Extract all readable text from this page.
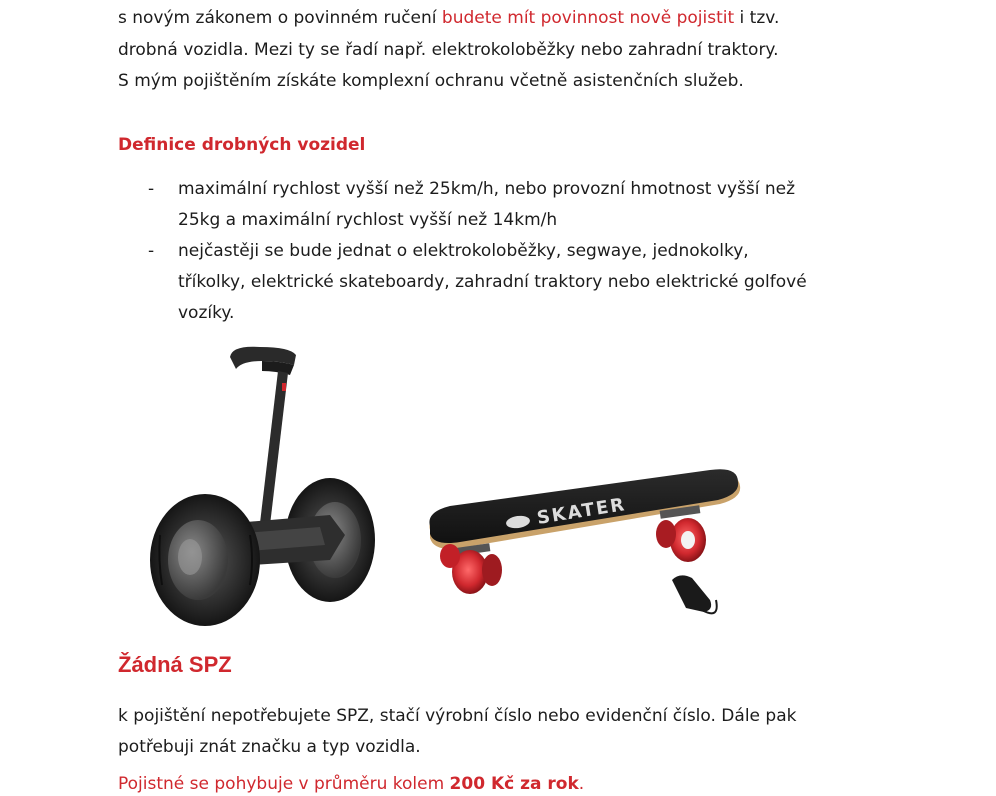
s novým zákonem o povinném ručení budete mít povinnost nově pojistit i tzv.

drobná vozidla. Mezi ty se řadí např. elektrokoloběžky nebo zahradní traktory.

S mým pojištěním získáte komplexní ochranu včetně asistenčních služeb.

Definice drobných vozidel
- maximální rychlost vyšší než 25km/h, nebo provozní hmotnost vyšší než
25kg a maximální rychlost vyšší než 14km/h
- nejčastěji se bude jednat o elektrokoloběžky, segwaye, jednokolky,
tříkolky, elektrické skateboardy, zahradní traktory nebo elektrické golfové
vozíky.
SKATER
Žádná SPZ

k pojištění nepotřebujete SPZ, stačí výrobní číslo nebo evidenční číslo. Dále pak

potřebuji znát značku a typ vozidla.

Pojistné se pohybuje v průměru kolem 200 Kč za rok.
